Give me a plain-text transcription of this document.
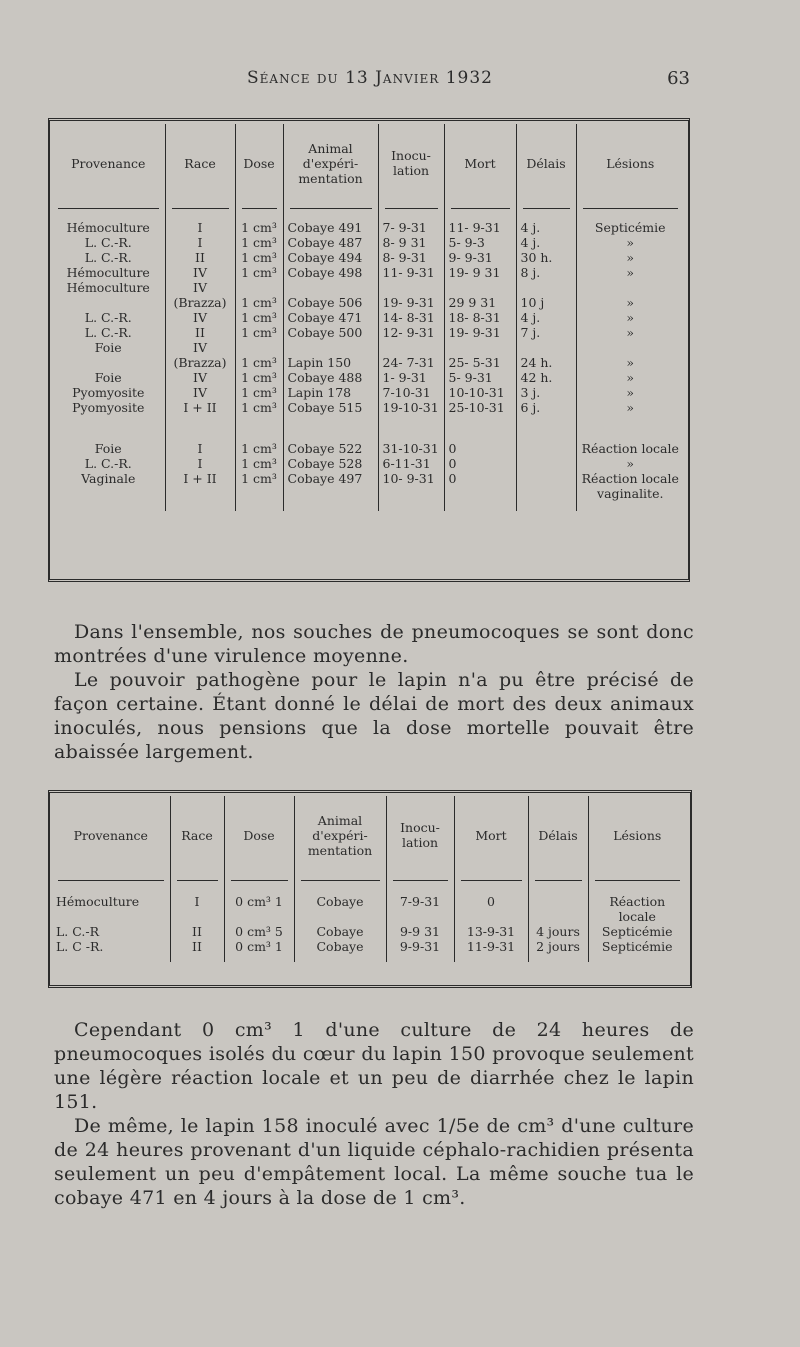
Séance du 13 Janvier 1932	63
Provenance	Race	Dose	Animal d'expéri-mentation	Inocu-lation	Mort	Délais	Lésions

Hémoculture	I	1 cm³	Cobaye 491	7- 9-31	11- 9-31	4 j.	Septicémie
L. C.-R.	I	1 cm³	Cobaye 487	8- 9 31	5- 9-3	4 j.	»
L. C.-R.	II	1 cm³	Cobaye 494	8- 9-31	9- 9-31	30 h.	»
Hémoculture	IV	1 cm³	Cobaye 498	11- 9-31	19- 9 31	8 j.	»
Hémoculture	IV						
	(Brazza)	1 cm³	Cobaye 506	19- 9-31	29 9 31	10 j	»
L. C.-R.	IV	1 cm³	Cobaye 471	14- 8-31	18- 8-31	4 j.	»
L. C.-R.	II	1 cm³	Cobaye 500	12- 9-31	19- 9-31	7 j.	»
Foie	IV						
	(Brazza)	1 cm³	Lapin 150	24- 7-31	25- 5-31	24 h.	»
Foie	IV	1 cm³	Cobaye 488	1- 9-31	5- 9-31	42 h.	»
Pyomyosite	IV	1 cm³	Lapin 178	7-10-31	10-10-31	3 j.	»
Pyomyosite	I + II	1 cm³	Cobaye 515	19-10-31	25-10-31	6 j.	»

Foie	I	1 cm³	Cobaye 522	31-10-31	0		Réaction locale
L. C.-R.	I	1 cm³	Cobaye 528	6-11-31	0		»
Vaginale	I + II	1 cm³	Cobaye 497	10- 9-31	0		Réaction locale vaginalite.

Dans l'ensemble, nos souches de pneumocoques se sont donc montrées d'une virulence moyenne.

Le pouvoir pathogène pour le lapin n'a pu être précisé de façon certaine. Étant donné le délai de mort des deux animaux inoculés, nous pensions que la dose mortelle pouvait être abaissée largement.

Provenance	Race	Dose	Animal d'expéri-mentation	Inocu-lation	Mort	Délais	Lésions

Hémoculture	I	0 cm³ 1	Cobaye	7-9-31	0		Réaction locale
L. C.-R	II	0 cm³ 5	Cobaye	9-9 31	13-9-31	4 jours	Septicémie
L. C -R.	II	0 cm³ 1	Cobaye	9-9-31	11-9-31	2 jours	Septicémie

Cependant 0 cm³ 1 d'une culture de 24 heures de pneumocoques isolés du cœur du lapin 150 provoque seulement une légère réaction locale et un peu de diarrhée chez le lapin 151.

De même, le lapin 158 inoculé avec 1/5e de cm³ d'une culture de 24 heures provenant d'un liquide céphalo-rachidien présenta seulement un peu d'empâtement local. La même souche tua le cobaye 471 en 4 jours à la dose de 1 cm³.
